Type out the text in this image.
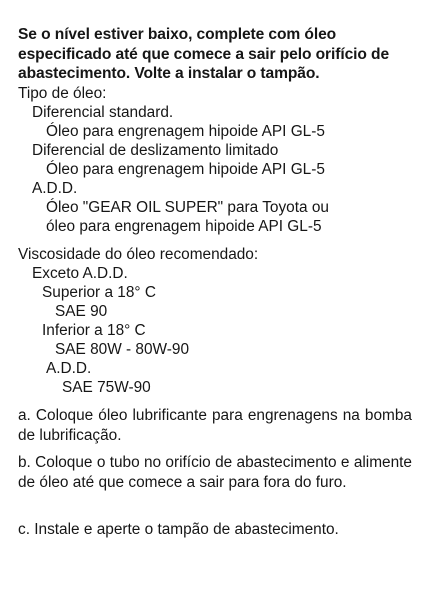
Se o nível estiver baixo, complete com óleo especificado até que comece a sair pelo orifício de abastecimento. Volte a instalar o tampão.
Tipo de óleo:
Diferencial standard.
Óleo para engrenagem hipoide API GL-5
Diferencial de deslizamento limitado
Óleo para engrenagem hipoide API GL-5
A.D.D.
Óleo "GEAR OIL SUPER" para Toyota ou
óleo para engrenagem hipoide API GL-5
Viscosidade do óleo recomendado:
Exceto A.D.D.
Superior a 18° C
SAE 90
Inferior a 18° C
SAE 80W - 80W-90
A.D.D.
SAE 75W-90
a. Coloque óleo lubrificante para engrenagens na bomba de lubrificação.
b. Coloque o tubo no orifício de abastecimento e alimente de óleo até que comece a sair para fora do furo.
c. Instale e aperte o tampão de abastecimento.
